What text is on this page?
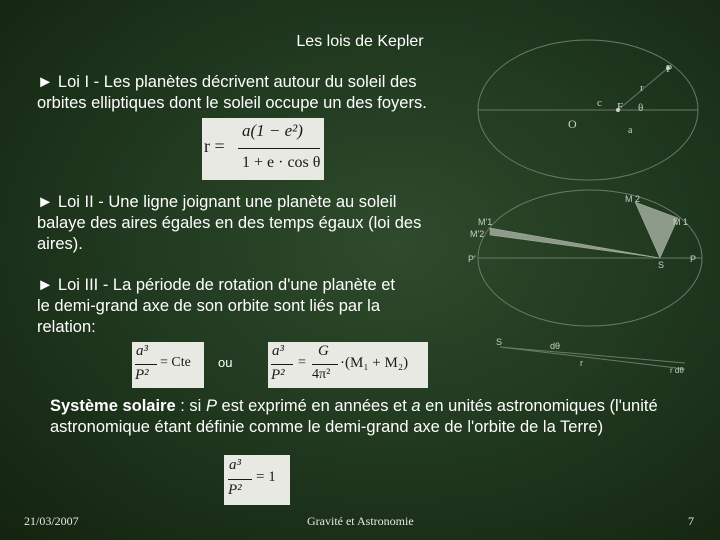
Les lois de Kepler
► Loi I - Les planètes décrivent autour du soleil des orbites elliptiques dont le soleil occupe un des foyers.
r =
a(1 − e²)
1 + e · cos θ
P
r
c F θ
O	a
► Loi II - Une ligne joignant une planète au soleil balaye des aires égales en des temps égaux (loi des aires).
M 2
M'1
M'2
M 1
P'
S
P
► Loi III - La période de rotation d'une planète et le demi‑grand axe de son orbite sont liés par la relation:
a³
P²
= Cte ou
a³
P²
=
G
4π²
·(M₁ + M₂)
S	dθ
r
r dθ
Système solaire : si P est exprimé en années et a en unités astronomiques (l'unité astronomique étant définie comme le demi‑grand axe de l'orbite de la Terre)
a³
P²
= 1
21/03/2007	Gravité et Astronomie	7
